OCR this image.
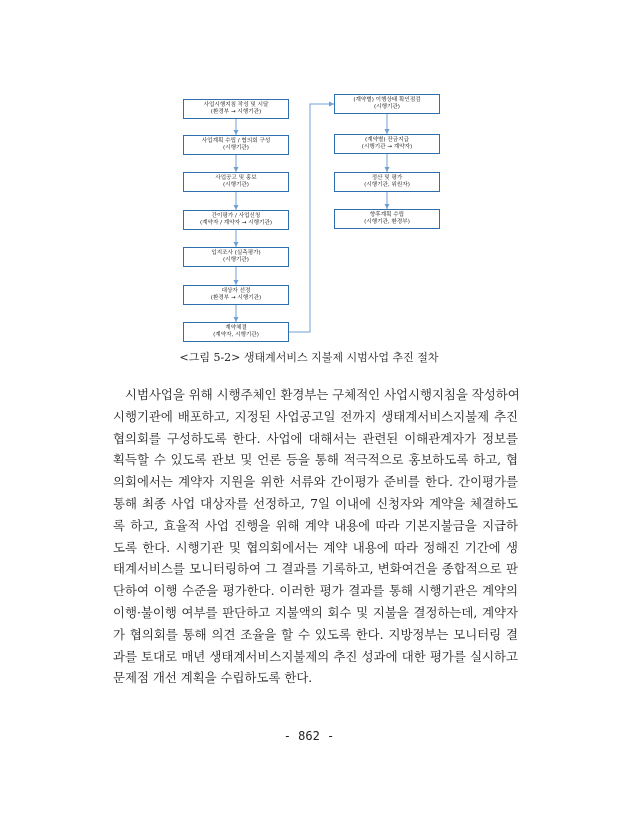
사업시행지침 작성 및 시달
(환경부 → 시행기관)
사업계획 수립 / 협의회 구성
(시행기관)
사업공고 및 홍보
(시행기관)
간이평가 / 사업신청
(계약자 / 계약자 → 시행기관)
입지조사 (실측평가)
(시행기관)
대상자 선정
(환경부 → 시행기관)
계약체결
(계약자, 시행기관)
(계약별) 이행상태 확인점검
(시행기관)
(계약별) 잔금지급
(시행기관 → 계약자)
정산 및 평가
(시행기관, 위원자)
향후계획 수립
(시행기관, 환경부)
<그림 5-2> 생태계서비스 지불제 시범사업 추진 절차
시범사업을 위해 시행주체인 환경부는 구체적인 사업시행지침을 작성하여
시행기관에 배포하고, 지정된 사업공고일 전까지 생태계서비스지불제 추진
협의회를 구성하도록 한다. 사업에 대해서는 관련된 이해관계자가 정보를
획득할 수 있도록 관보 및 언론 등을 통해 적극적으로 홍보하도록 하고, 협
의회에서는 계약자 지원을 위한 서류와 간이평가 준비를 한다. 간이평가를
통해 최종 사업 대상자를 선정하고, 7일 이내에 신청자와 계약을 체결하도
록 하고, 효율적 사업 진행을 위해 계약 내용에 따라 기본지불금을 지급하
도록 한다. 시행기관 및 협의회에서는 계약 내용에 따라 정해진 기간에 생
태계서비스를 모니터링하여 그 결과를 기록하고, 변화여건을 종합적으로 판
단하여 이행 수준을 평가한다. 이러한 평가 결과를 통해 시행기관은 계약의
이행·불이행 여부를 판단하고 지불액의 회수 및 지불을 결정하는데, 계약자
가 협의회를 통해 의견 조율을 할 수 있도록 한다. 지방정부는 모니터링 결
과를 토대로 매년 생태계서비스지불제의 추진 성과에 대한 평가를 실시하고
문제점 개선 계획을 수립하도록 한다.
- 862 -
